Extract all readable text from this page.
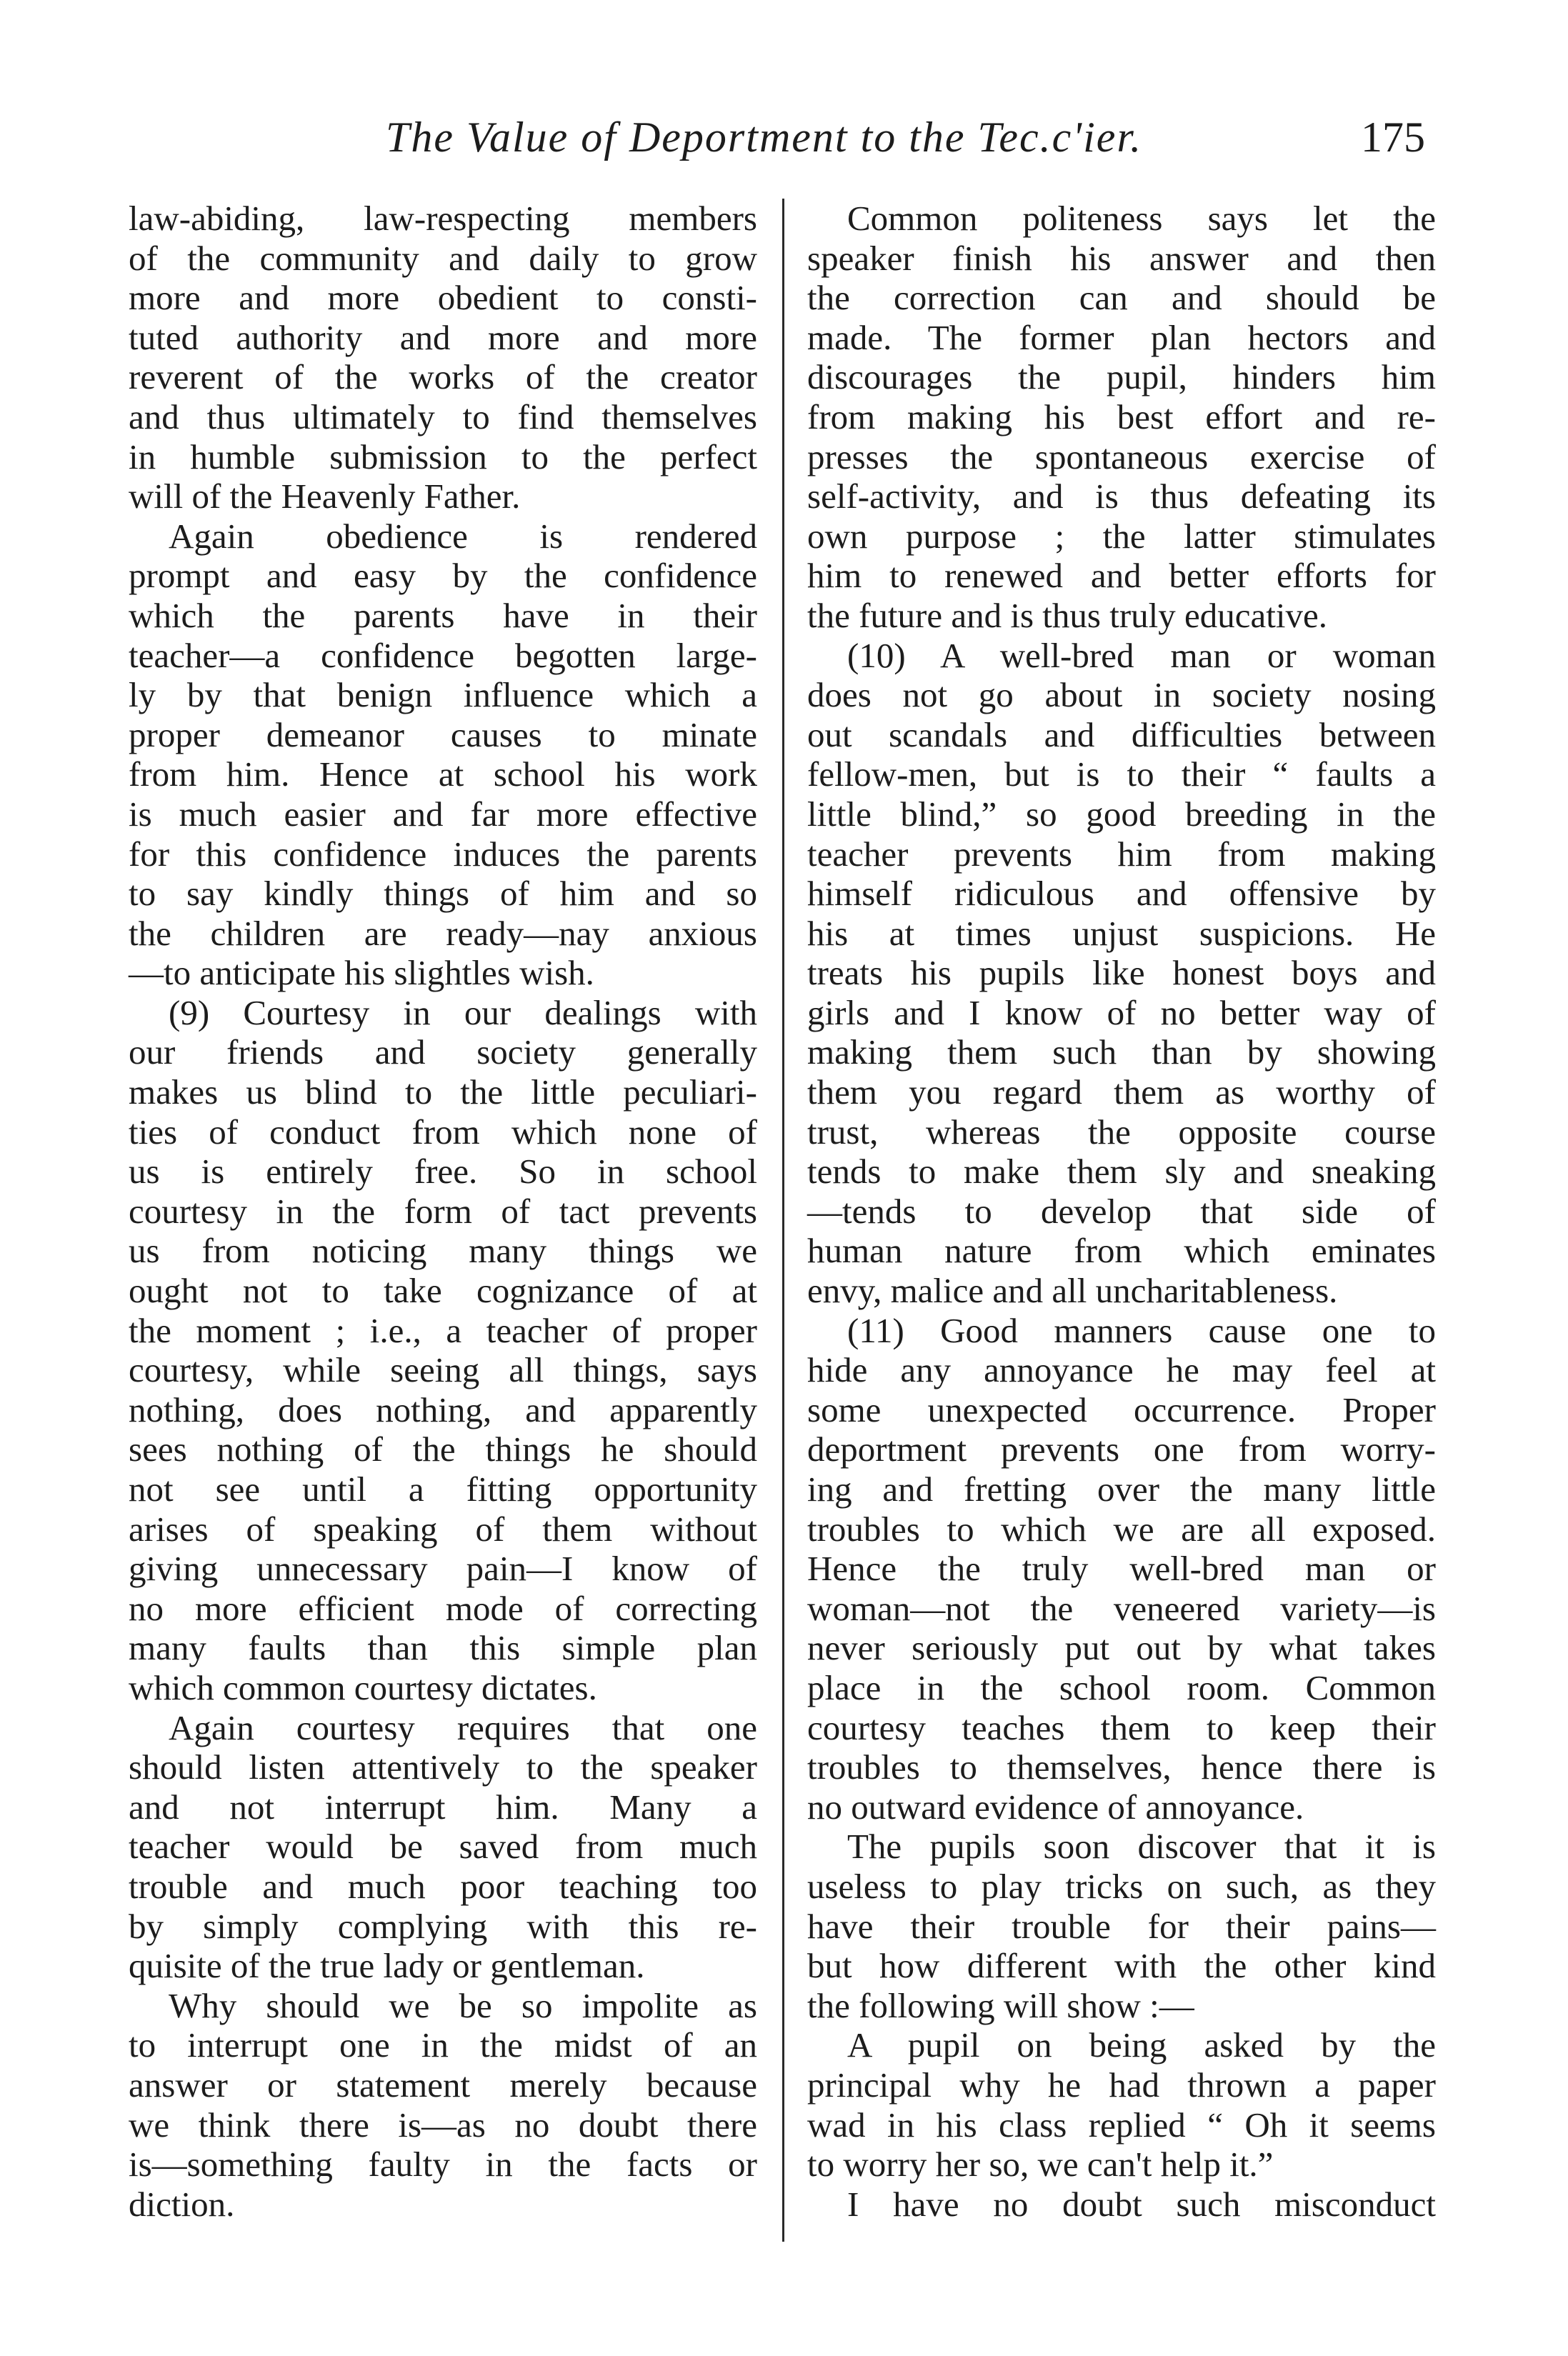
The Value of Deportment to the Tec.c'ier.	175
law-abiding, law-respecting members
of the community and daily to grow
more and more obedient to consti-
tuted authority and more and more
reverent of the works of the creator
and thus ultimately to find themselves
in humble submission to the perfect
will of the Heavenly Father.
Again obedience is rendered
prompt and easy by the confidence
which the parents have in their
teacher—a confidence begotten large-
ly by that benign influence which a
proper demeanor causes to minate
from him. Hence at school his work
is much easier and far more effective
for this confidence induces the parents
to say kindly things of him and so
the children are ready—nay anxious
—to anticipate his slightles wish.
(9) Courtesy in our dealings with
our friends and society generally
makes us blind to the little peculiari-
ties of conduct from which none of
us is entirely free. So in school
courtesy in the form of tact prevents
us from noticing many things we
ought not to take cognizance of at
the moment ; i.e., a teacher of proper
courtesy, while seeing all things, says
nothing, does nothing, and apparently
sees nothing of the things he should
not see until a fitting opportunity
arises of speaking of them without
giving unnecessary pain—I know of
no more efficient mode of correcting
many faults than this simple plan
which common courtesy dictates.
Again courtesy requires that one
should listen attentively to the speaker
and not interrupt him. Many a
teacher would be saved from much
trouble and much poor teaching too
by simply complying with this re-
quisite of the true lady or gentleman.
Why should we be so impolite as
to interrupt one in the midst of an
answer or statement merely because
we think there is—as no doubt there
is—something faulty in the facts or
diction.
Common politeness says let the
speaker finish his answer and then
the correction can and should be
made. The former plan hectors and
discourages the pupil, hinders him
from making his best effort and re-
presses the spontaneous exercise of
self-activity, and is thus defeating its
own purpose ; the latter stimulates
him to renewed and better efforts for
the future and is thus truly educative.
(10) A well-bred man or woman
does not go about in society nosing
out scandals and difficulties between
fellow-men, but is to their “ faults a
little blind,” so good breeding in the
teacher prevents him from making
himself ridiculous and offensive by
his at times unjust suspicions. He
treats his pupils like honest boys and
girls and I know of no better way of
making them such than by showing
them you regard them as worthy of
trust, whereas the opposite course
tends to make them sly and sneaking
—tends to develop that side of
human nature from which eminates
envy, malice and all uncharitableness.
(11) Good manners cause one to
hide any annoyance he may feel at
some unexpected occurrence. Proper
deportment prevents one from worry-
ing and fretting over the many little
troubles to which we are all exposed.
Hence the truly well-bred man or
woman—not the veneered variety—is
never seriously put out by what takes
place in the school room. Common
courtesy teaches them to keep their
troubles to themselves, hence there is
no outward evidence of annoyance.
The pupils soon discover that it is
useless to play tricks on such, as they
have their trouble for their pains—
but how different with the other kind
the following will show :—
A pupil on being asked by the
principal why he had thrown a paper
wad in his class replied “ Oh it seems
to worry her so, we can't help it.”
I have no doubt such misconduct
